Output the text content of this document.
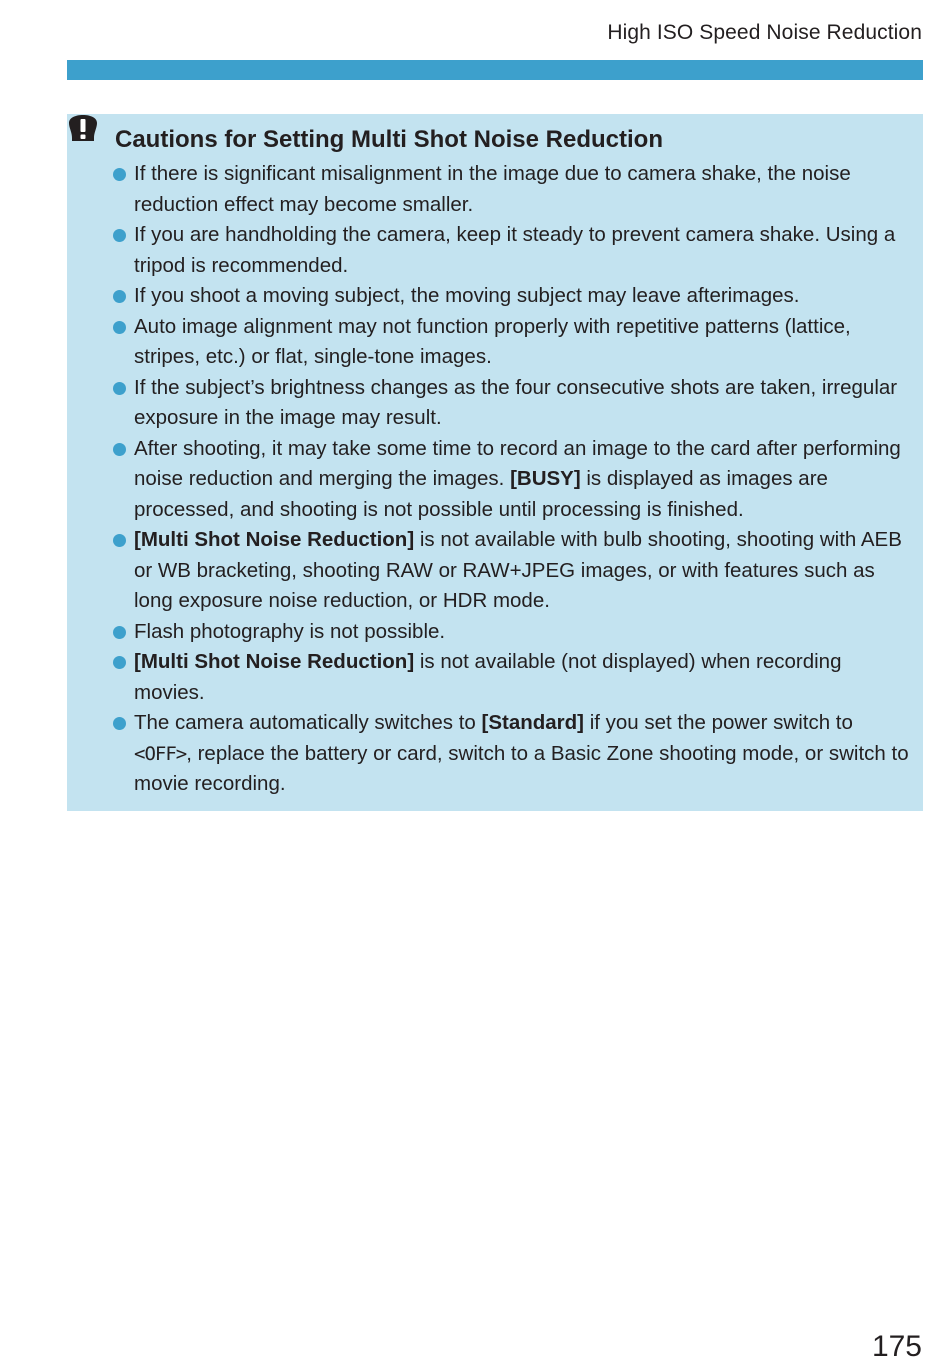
High ISO Speed Noise Reduction
Cautions for Setting Multi Shot Noise Reduction
If there is significant misalignment in the image due to camera shake, the noise reduction effect may become smaller.
If you are handholding the camera, keep it steady to prevent camera shake. Using a tripod is recommended.
If you shoot a moving subject, the moving subject may leave afterimages.
Auto image alignment may not function properly with repetitive patterns (lattice, stripes, etc.) or flat, single-tone images.
If the subject’s brightness changes as the four consecutive shots are taken, irregular exposure in the image may result.
After shooting, it may take some time to record an image to the card after performing noise reduction and merging the images. [BUSY] is displayed as images are processed, and shooting is not possible until processing is finished.
[Multi Shot Noise Reduction] is not available with bulb shooting, shooting with AEB or WB bracketing, shooting RAW or RAW+JPEG images, or with features such as long exposure noise reduction, or HDR mode.
Flash photography is not possible.
[Multi Shot Noise Reduction] is not available (not displayed) when recording movies.
The camera automatically switches to [Standard] if you set the power switch to <OFF>, replace the battery or card, switch to a Basic Zone shooting mode, or switch to movie recording.
175
